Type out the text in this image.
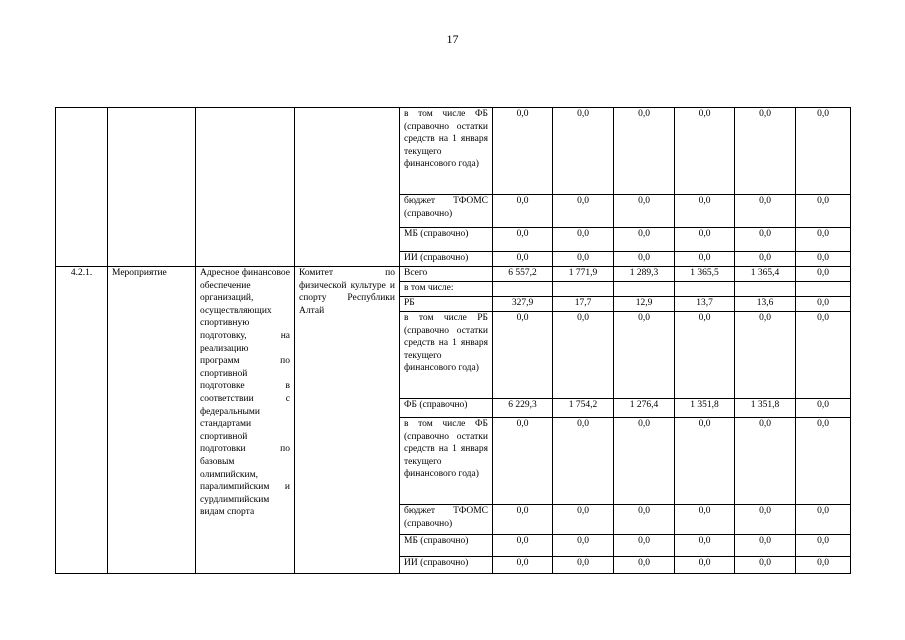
17
				в том числе ФБ (справочно остатки средств на 1 января текущего финансового года)	0,0	0,0	0,0	0,0	0,0	0,0
				бюджет ТФОМС (справочно)	0,0	0,0	0,0	0,0	0,0	0,0
				МБ (справочно)	0,0	0,0	0,0	0,0	0,0	0,0
				ИИ (справочно)	0,0	0,0	0,0	0,0	0,0	0,0
4.2.1.	Мероприятие	Адресное финансовое обеспечение организаций, осуществляющих спортивную подготовку, на реализацию программ по спортивной подготовке в соответствии с федеральными стандартами спортивной подготовки по базовым олимпийским, паралимпийским и сурдлимпийским видам спорта	Комитет по физической культуре и спорту Республики Алтай	Всего	6 557,2	1 771,9	1 289,3	1 365,5	1 365,4	0,0
				в том числе:						
				РБ	327,9	17,7	12,9	13,7	13,6	0,0
				в том числе РБ (справочно остатки средств на 1 января текущего финансового года)	0,0	0,0	0,0	0,0	0,0	0,0
				ФБ (справочно)	6 229,3	1 754,2	1 276,4	1 351,8	1 351,8	0,0
				в том числе ФБ (справочно остатки средств на 1 января текущего финансового года)	0,0	0,0	0,0	0,0	0,0	0,0
				бюджет ТФОМС (справочно)	0,0	0,0	0,0	0,0	0,0	0,0
				МБ (справочно)	0,0	0,0	0,0	0,0	0,0	0,0
				ИИ (справочно)	0,0	0,0	0,0	0,0	0,0	0,0
